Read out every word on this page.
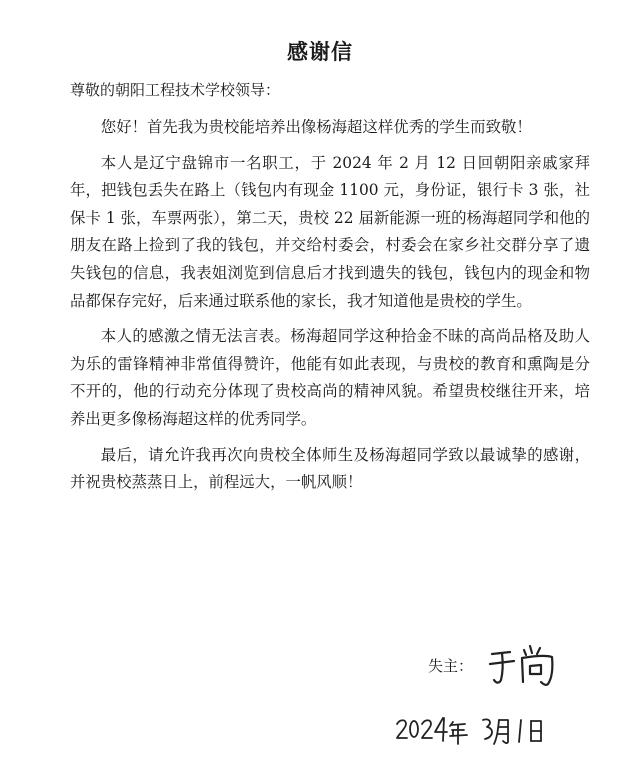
感谢信
尊敬的朝阳工程技术学校领导：

您好！首先我为贵校能培养出像杨海超这样优秀的学生而致敬！

本人是辽宁盘锦市一名职工，于 2024 年 2 月 12 日回朝阳亲戚家拜年，把钱包丢失在路上（钱包内有现金 1100 元，身份证，银行卡 3 张，社保卡 1 张，车票两张），第二天，贵校 22 届新能源一班的杨海超同学和他的朋友在路上捡到了我的钱包，并交给村委会，村委会在家乡社交群分享了遗失钱包的信息，我表姐浏览到信息后才找到遗失的钱包，钱包内的现金和物品都保存完好，后来通过联系他的家长，我才知道他是贵校的学生。

本人的感激之情无法言表。杨海超同学这种拾金不昧的高尚品格及助人为乐的雷锋精神非常值得赞许，他能有如此表现，与贵校的教育和熏陶是分不开的，他的行动充分体现了贵校高尚的精神风貌。希望贵校继往开来，培养出更多像杨海超这样的优秀同学。

最后，请允许我再次向贵校全体师生及杨海超同学致以最诚挚的感谢，并祝贵校蒸蒸日上，前程远大，一帆风顺！

失主：
